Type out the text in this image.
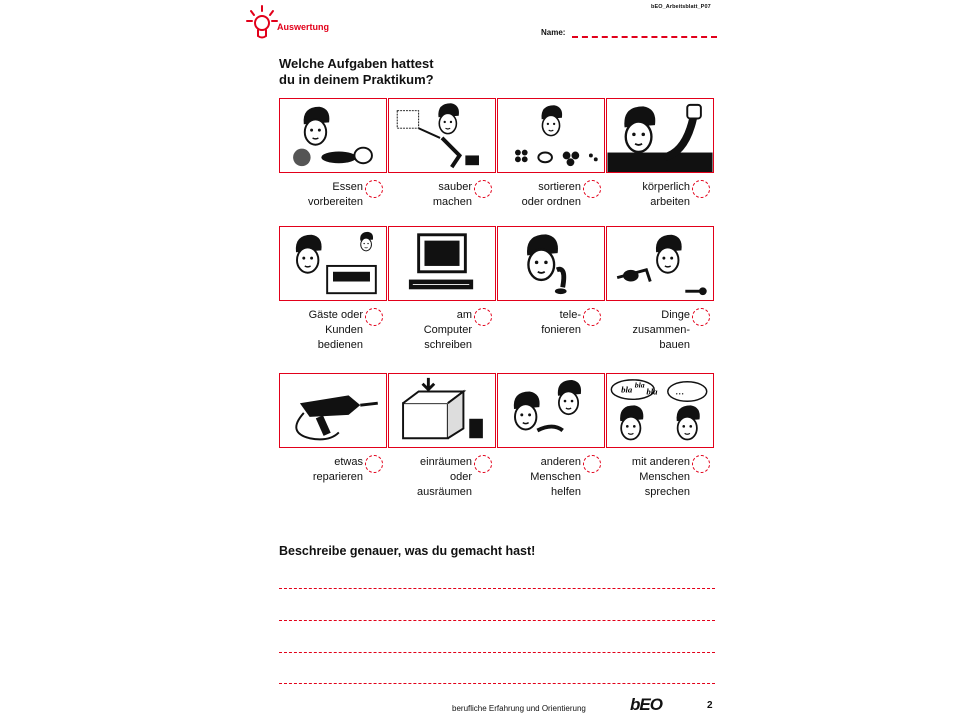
Auswertung
bEO_Arbeitsblatt_P07
Name:
Welche Aufgaben hattest
du in deinem Praktikum?
Essen
vorbereiten
sauber
machen
sortieren
oder ordnen
körperlich
arbeiten
Gäste oder
Kunden
bedienen
am
Computer
schreiben
tele-
fonieren
Dinge
zusammen-
bauen
etwas
reparieren
einräumen
oder
ausräumen
anderen
Menschen
helfen
bla bla
bla …
mit anderen
Menschen
sprechen
Beschreibe genauer, was du gemacht hast!
berufliche Erfahrung und Orientierung	bEO	2
